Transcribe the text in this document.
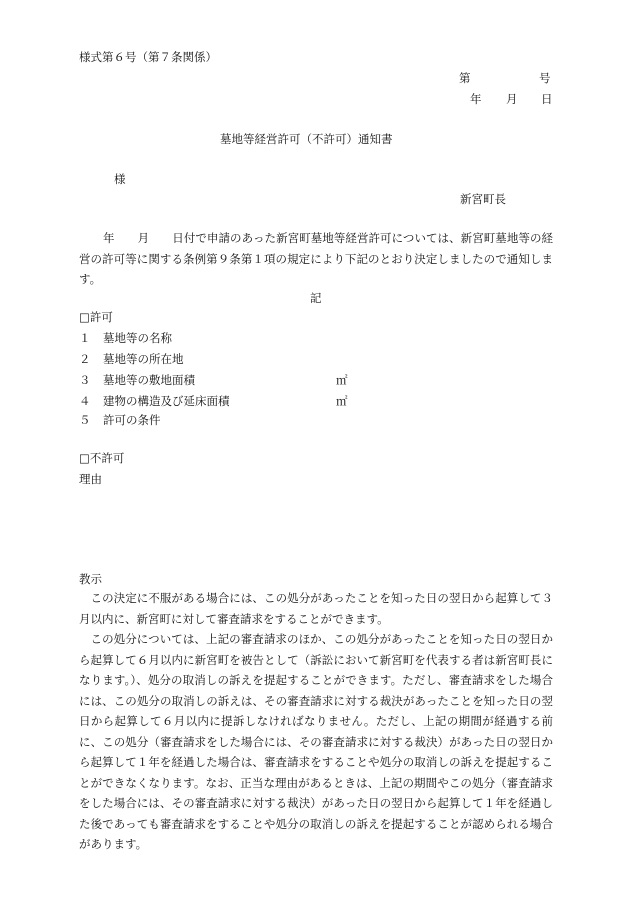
様式第６号（第７条関係）
第	号
年 月 日
墓地等経営許可（不許可）通知書
様
新宮町長
年　　月　　日付で申請のあった新宮町墓地等経営許可については、新宮町墓地等の経営の許可等に関する条例第９条第１項の規定により下記のとおり決定しましたので通知します。
記
□許可
１ 墓地等の名称
２ 墓地等の所在地
３ 墓地等の敷地面積	㎡
４ 建物の構造及び延床面積	㎡
５ 許可の条件
□不許可
理由
教示
この決定に不服がある場合には、この処分があったことを知った日の翌日から起算して３月以内に、新宮町に対して審査請求をすることができます。
この処分については、上記の審査請求のほか、この処分があったことを知った日の翌日から起算して６月以内に新宮町を被告として（訴訟において新宮町を代表する者は新宮町長になります。）、処分の取消しの訴えを提起することができます。ただし、審査請求をした場合には、この処分の取消しの訴えは、その審査請求に対する裁決があったことを知った日の翌日から起算して６月以内に提訴しなければなりません。ただし、上記の期間が経過する前に、この処分（審査請求をした場合には、その審査請求に対する裁決）があった日の翌日から起算して１年を経過した場合は、審査請求をすることや処分の取消しの訴えを提起することができなくなります。なお、正当な理由があるときは、上記の期間やこの処分（審査請求をした場合には、その審査請求に対する裁決）があった日の翌日から起算して１年を経過した後であっても審査請求をすることや処分の取消しの訴えを提起することが認められる場合があります。
